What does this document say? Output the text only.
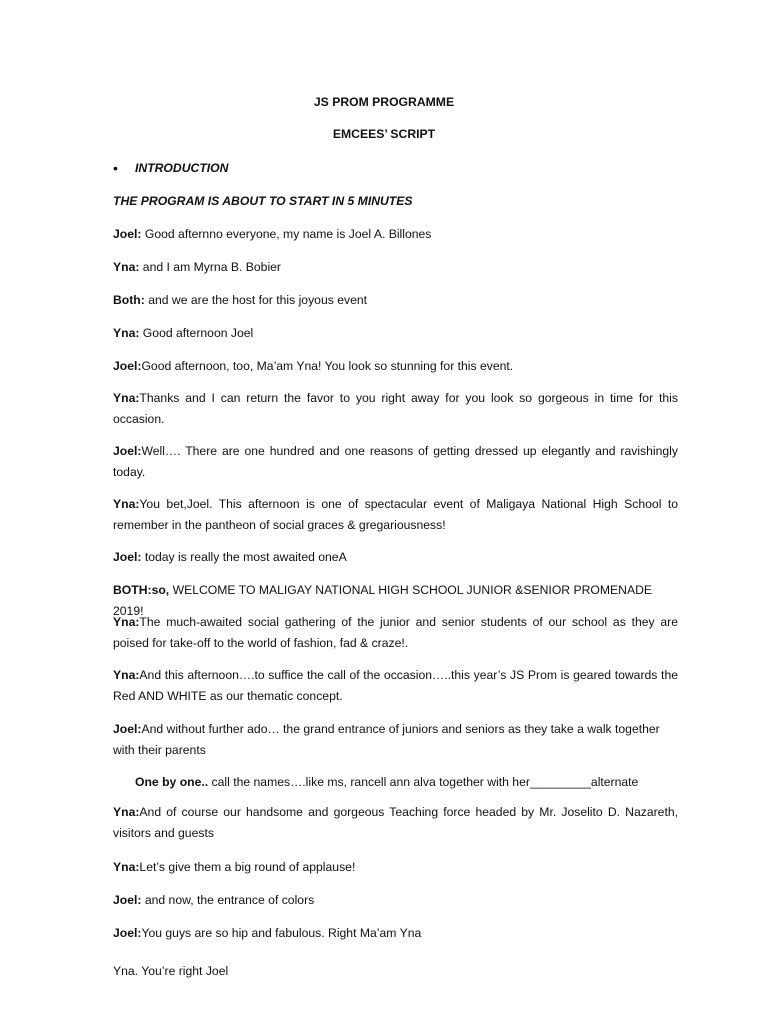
JS PROM PROGRAMME
EMCEES’ SCRIPT
• INTRODUCTION
THE PROGRAM IS ABOUT TO START IN 5 MINUTES
Joel: Good afternno everyone, my name is Joel A. Billones
Yna: and I am Myrna B. Bobier
Both: and we are the host for this joyous event
Yna: Good afternoon Joel
Joel:Good afternoon, too, Ma’am Yna! You look so stunning for this event.
Yna:Thanks and I can return the favor to you right away for you look so gorgeous in time for this occasion.
Joel:Well…. There are one hundred and one reasons of getting dressed up elegantly and ravishingly today.
Yna:You bet,Joel. This afternoon is one of spectacular event of Maligaya National High School to remember in the pantheon of social graces & gregariousness!
Joel: today is really the most awaited oneA
BOTH:so, WELCOME TO MALIGAY NATIONAL HIGH SCHOOL JUNIOR &SENIOR PROMENADE 2019!
Yna:The much-awaited social gathering of the junior and senior students of our school as they are poised for take-off to the world of fashion, fad & craze!.
Yna:And this afternoon….to suffice the call of the occasion…..this year’s JS Prom is geared towards the Red AND WHITE as our thematic concept.
Joel:And without further ado… the grand entrance of juniors and seniors as they take a walk together with their parents
One by one.. call the names….like ms, rancell ann alva together with her_________alternate
Yna:And of course our handsome and gorgeous Teaching force headed by Mr. Joselito D. Nazareth, visitors and guests
Yna:Let’s give them a big round of applause!
Joel: and now, the entrance of colors
Joel:You guys are so hip and fabulous. Right Ma’am Yna
Yna. You’re right Joel
